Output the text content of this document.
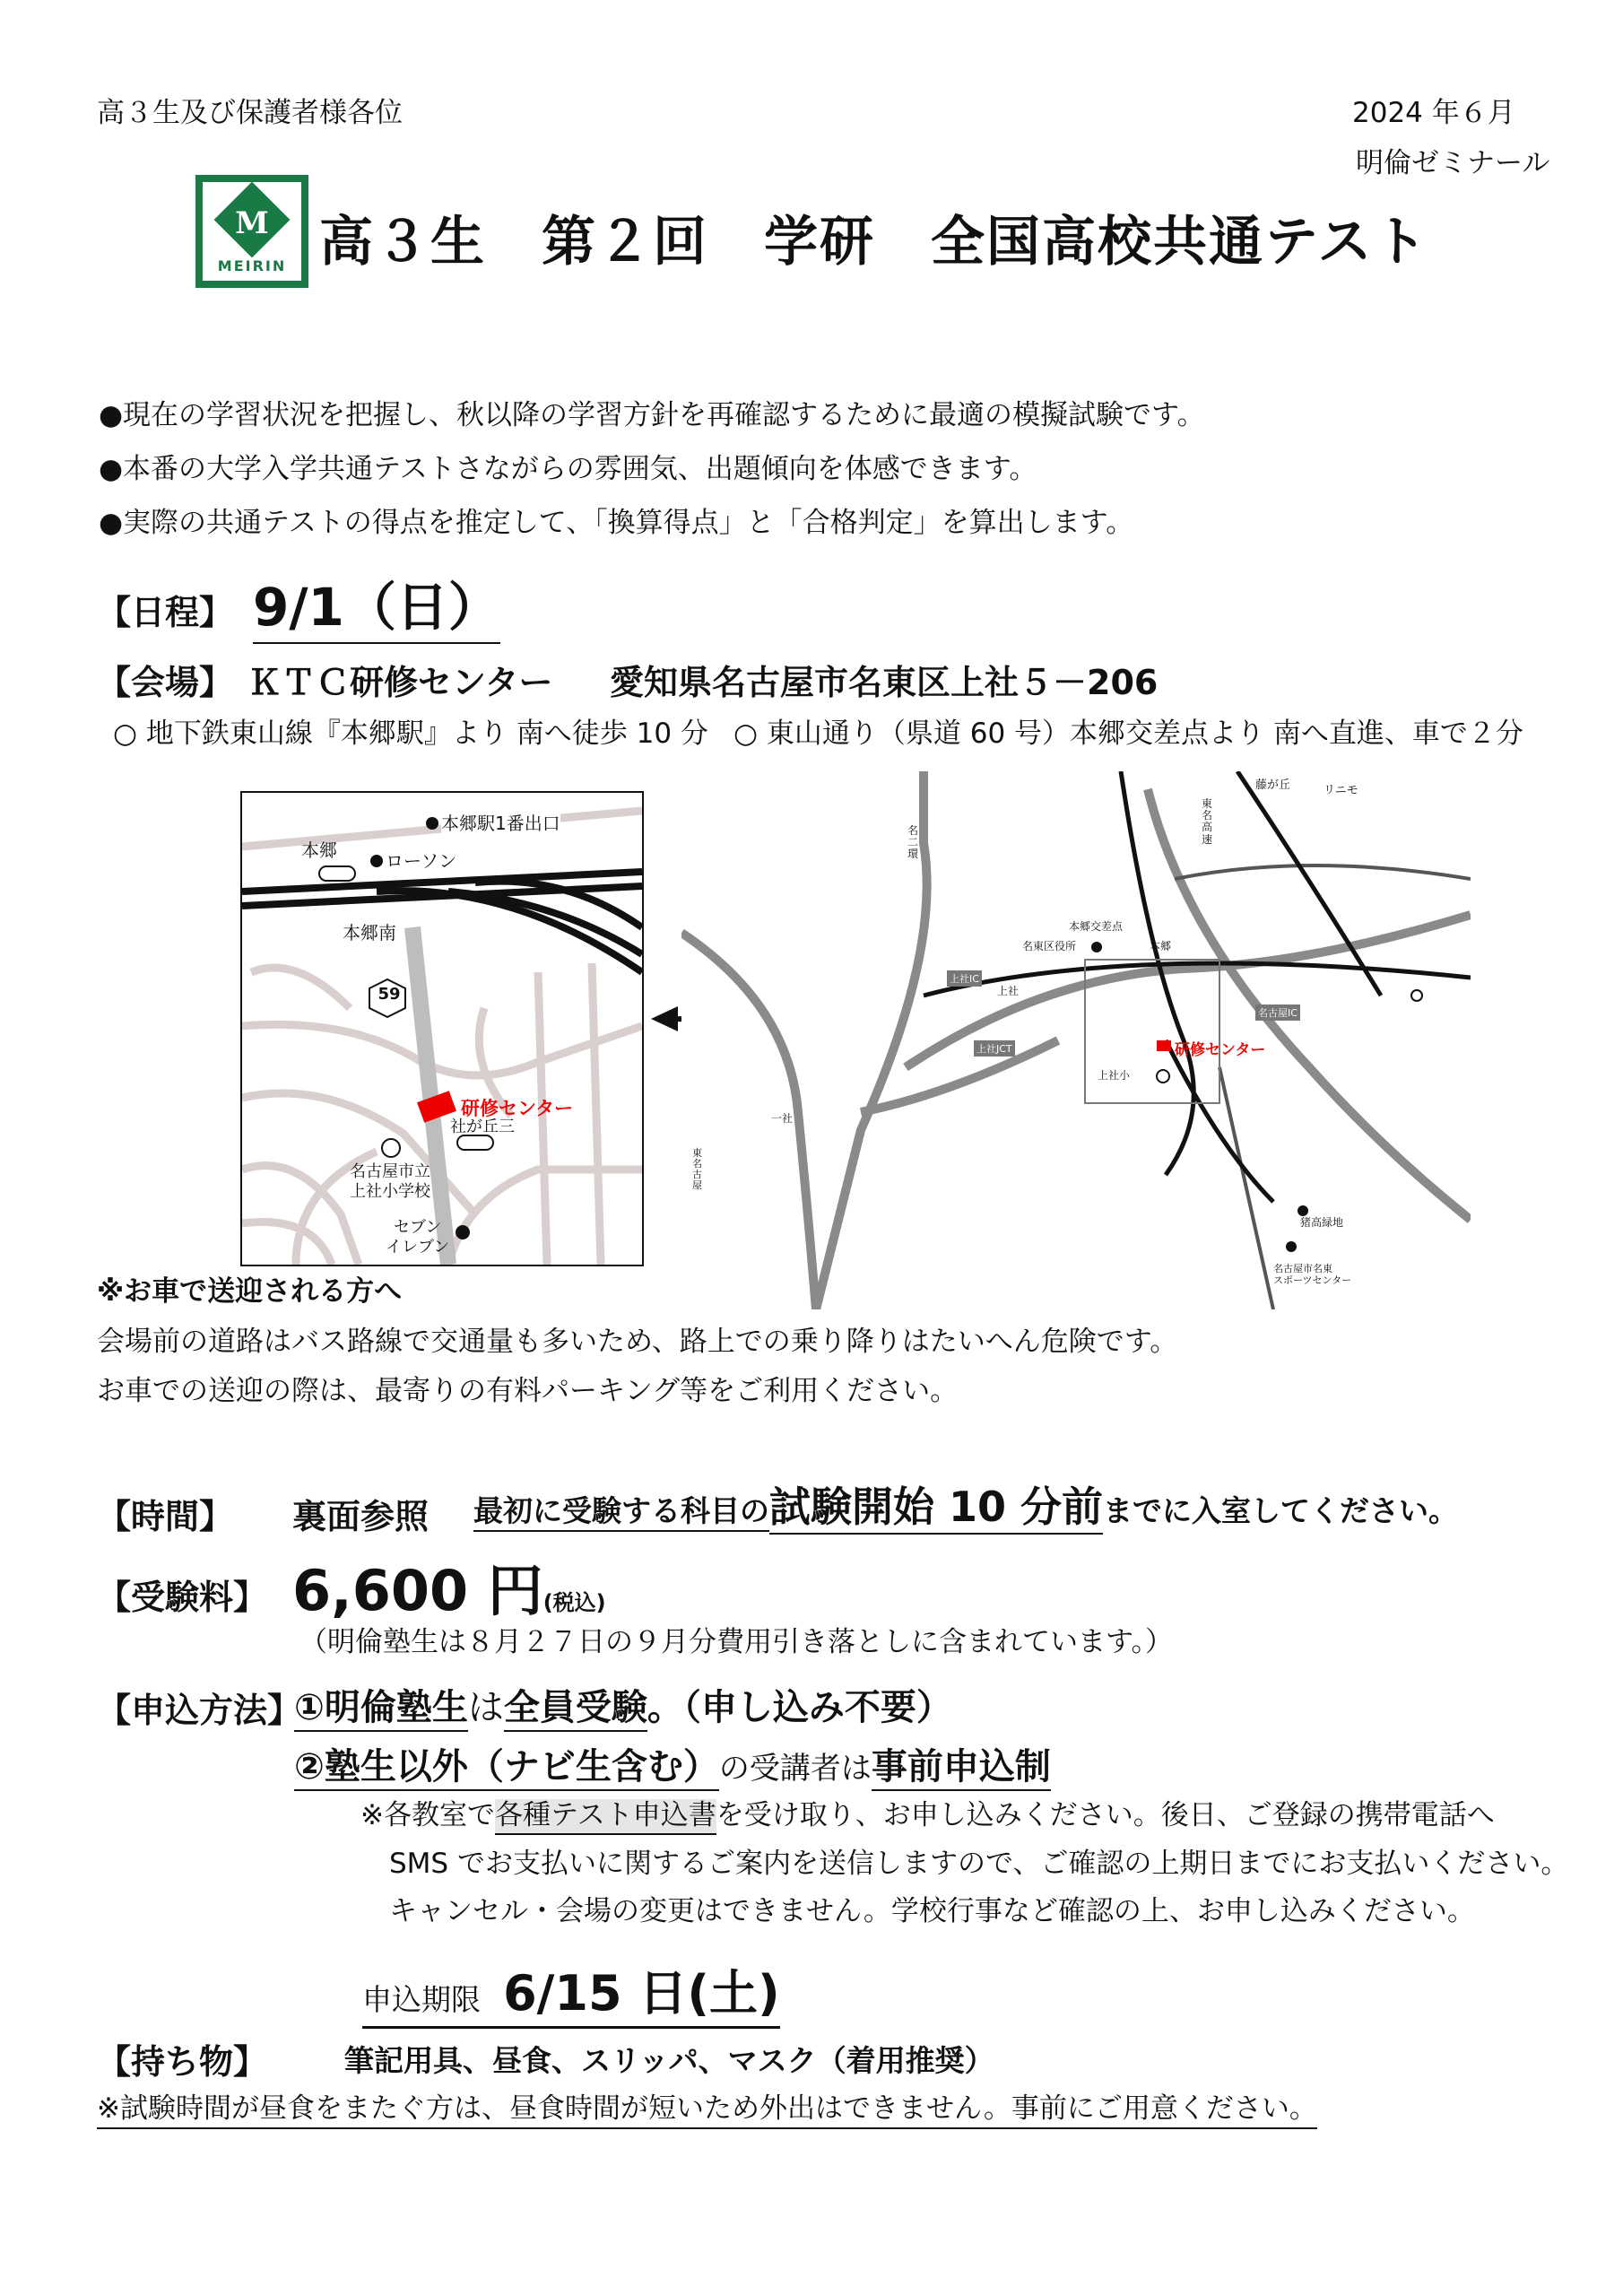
高３生及び保護者様各位	2024 年６月
明倫ゼミナール
M
MEIRIN 高３生　第２回　学研　全国高校共通テスト
●現在の学習状況を把握し、秋以降の学習方針を再確認するために最適の模擬試験です。
●本番の大学入学共通テストさながらの雰囲気、出題傾向を体感できます。
●実際の共通テストの得点を推定して、「換算得点」と「合格判定」を算出します。
【日程】 9/1（日）
【会場】 ＫＴＣ研修センター 愛知県名古屋市名東区上社５－206
○ 地下鉄東山線『本郷駅』より 南へ徒歩 10 分 ○ 東山通り（県道 60 号）本郷交差点より 南へ直進、車で２分
本郷駅1番出口
本郷	ローソン
本郷南
59
研修センター
名古屋市立
上社小学校
社が丘三
セブン
イレブン
藤が丘	リニモ
東名高速
名二環
本郷交差点
名東区役所	本郷
上社IC
上社
上社JCT
名古屋IC
研修センター
上社小
一社
東名古屋
猪高緑地
名古屋市名東
スポーツセンター
※お車で送迎される方へ
会場前の道路はバス路線で交通量も多いため、路上での乗り降りはたいへん危険です。
お車での送迎の際は、最寄りの有料パーキング等をご利用ください。
【時間】 裏面参照 最初に受験する科目の試験開始 10 分前までに入室してください。
【受験料】 6,600 円(税込)
（明倫塾生は８月２７日の９月分費用引き落としに含まれています。）
【申込方法】
①明倫塾生は全員受験。（申し込み不要）
②塾生以外（ナビ生含む）の受講者は事前申込制
※各教室で各種テスト申込書を受け取り、お申し込みください。後日、ご登録の携帯電話へ
SMS でお支払いに関するご案内を送信しますので、ご確認の上期日までにお支払いください。
キャンセル・会場の変更はできません。学校行事など確認の上、お申し込みください。
申込期限 6/15 日(土)
【持ち物】	筆記用具、昼食、スリッパ、マスク（着用推奨）
※試験時間が昼食をまたぐ方は、昼食時間が短いため外出はできません。事前にご用意ください。
